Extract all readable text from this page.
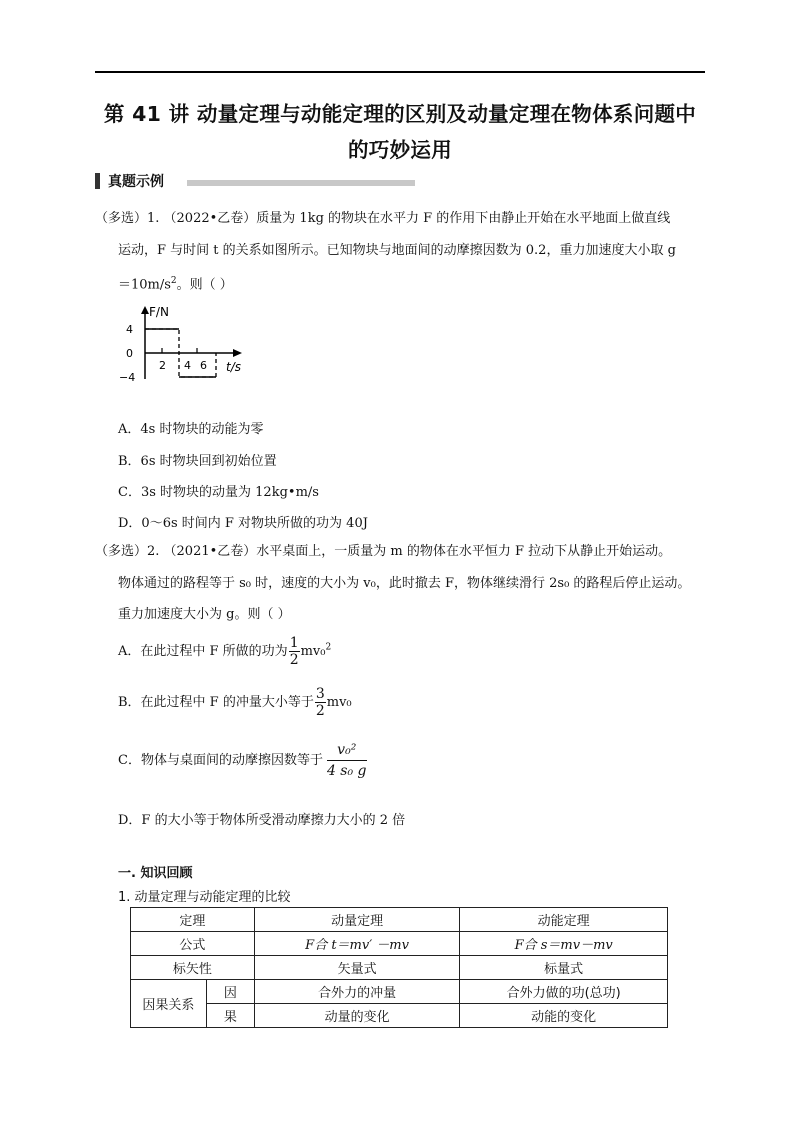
第 41 讲 动量定理与动能定理的区别及动量定理在物体系问题中
的巧妙运用
真题示例
（多选）1. （2022•乙卷）质量为 1kg 的物块在水平力 F 的作用下由静止开始在水平地面上做直线
运动，F 与时间 t 的关系如图所示。已知物块与地面间的动摩擦因数为 0.2，重力加速度大小取 g
$=10m/s^2$。则（ ）
F/N
t/s
4
0
−4
2 4 6
A．4s 时物块的动能为零
B．6s 时物块回到初始位置
C．3s 时物块的动量为 12kg•m/s
D．0～6s 时间内 F 对物块所做的功为 40J
（多选）2. （2021•乙卷）水平桌面上，一质量为 m 的物体在水平恒力 F 拉动下从静止开始运动。
物体通过的路程等于 s₀ 时，速度的大小为 v₀，此时撤去 F，物体继续滑行 2s₀ 的路程后停止运动。
重力加速度大小为 g。则（ ）
A．在此过程中 F 所做的功为 $\frac{1}{2} mv_0^2$
B．在此过程中 F 的冲量大小等于 $\frac{3}{2} mv_0$
C．物体与桌面间的动摩擦因数等于 $\frac{\text{v₀²}}{\text{4 s₀ g}}$
D．F 的大小等于物体所受滑动摩擦力大小的 2 倍
一. 知识回顾
1. 动量定理与动能定理的比较
定理		动量定理	动能定理
公式		F合 t＝mv′ －mv	F合 s＝mv－mv
标矢性		矢量式	标量式
因果关系	因	合外力的冲量	合外力做的功(总功)
	果	动量的变化	动能的变化
